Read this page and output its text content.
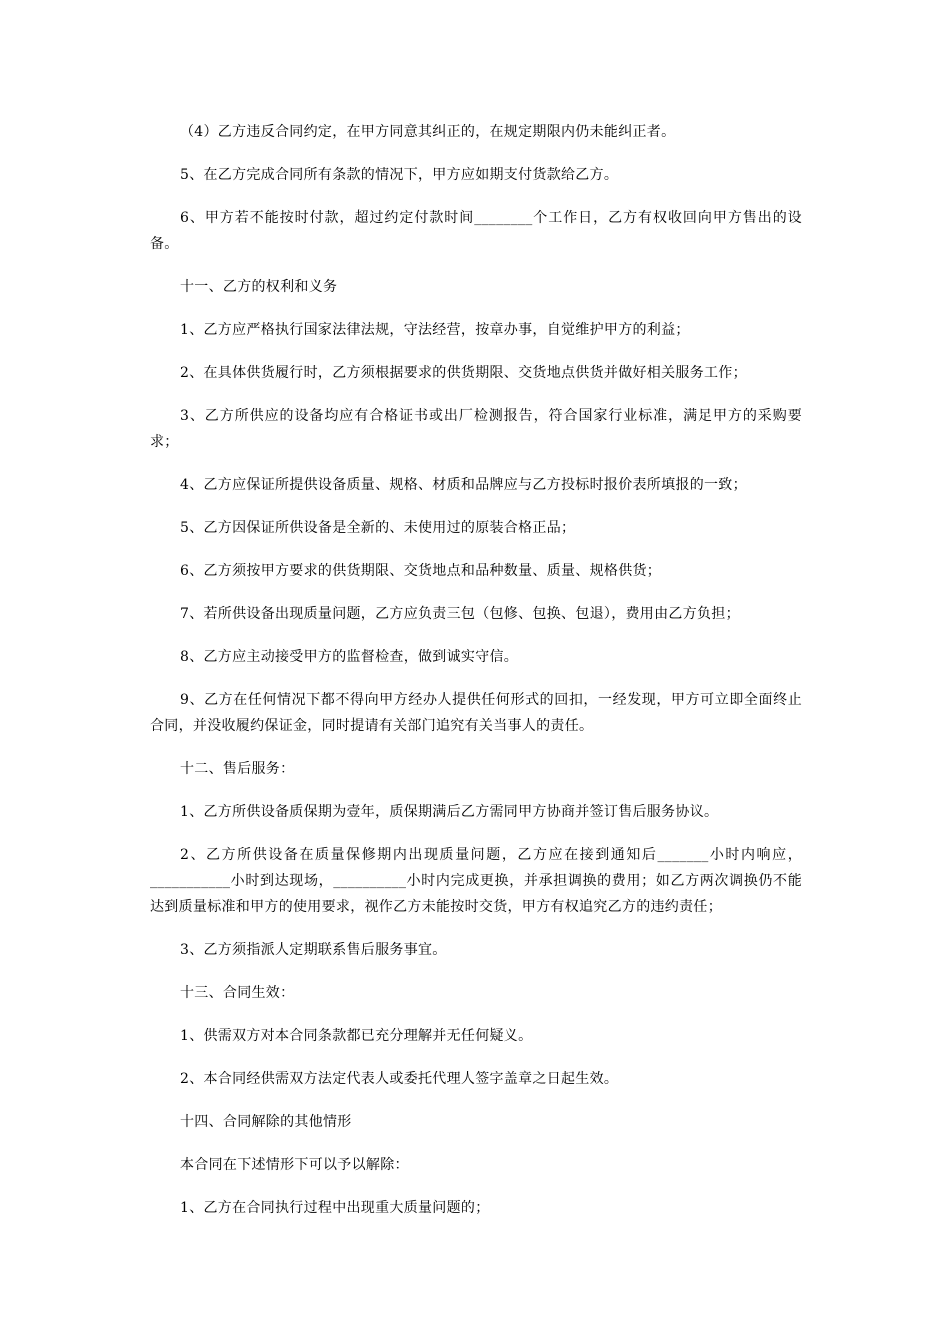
（4）乙方违反合同约定，在甲方同意其纠正的，在规定期限内仍未能纠正者。

5、在乙方完成合同所有条款的情况下，甲方应如期支付货款给乙方。

6、甲方若不能按时付款，超过约定付款时间________个工作日，乙方有权收回向甲方售出的设备。

十一、乙方的权利和义务

1、乙方应严格执行国家法律法规，守法经营，按章办事，自觉维护甲方的利益；

2、在具体供货履行时，乙方须根据要求的供货期限、交货地点供货并做好相关服务工作；

3、乙方所供应的设备均应有合格证书或出厂检测报告，符合国家行业标准，满足甲方的采购要求；

4、乙方应保证所提供设备质量、规格、材质和品牌应与乙方投标时报价表所填报的一致；

5、乙方因保证所供设备是全新的、未使用过的原装合格正品；

6、乙方须按甲方要求的供货期限、交货地点和品种数量、质量、规格供货；

7、若所供设备出现质量问题，乙方应负责三包（包修、包换、包退），费用由乙方负担；

8、乙方应主动接受甲方的监督检查，做到诚实守信。

9、乙方在任何情况下都不得向甲方经办人提供任何形式的回扣，一经发现，甲方可立即全面终止合同，并没收履约保证金，同时提请有关部门追究有关当事人的责任。

十二、售后服务：

1、乙方所供设备质保期为壹年，质保期满后乙方需同甲方协商并签订售后服务协议。

2、乙方所供设备在质量保修期内出现质量问题，乙方应在接到通知后_______小时内响应，___________小时到达现场，__________小时内完成更换，并承担调换的费用；如乙方两次调换仍不能达到质量标准和甲方的使用要求，视作乙方未能按时交货，甲方有权追究乙方的违约责任；

3、乙方须指派人定期联系售后服务事宜。

十三、合同生效：

1、供需双方对本合同条款都已充分理解并无任何疑义。

2、本合同经供需双方法定代表人或委托代理人签字盖章之日起生效。

十四、合同解除的其他情形

本合同在下述情形下可以予以解除：

1、乙方在合同执行过程中出现重大质量问题的；
